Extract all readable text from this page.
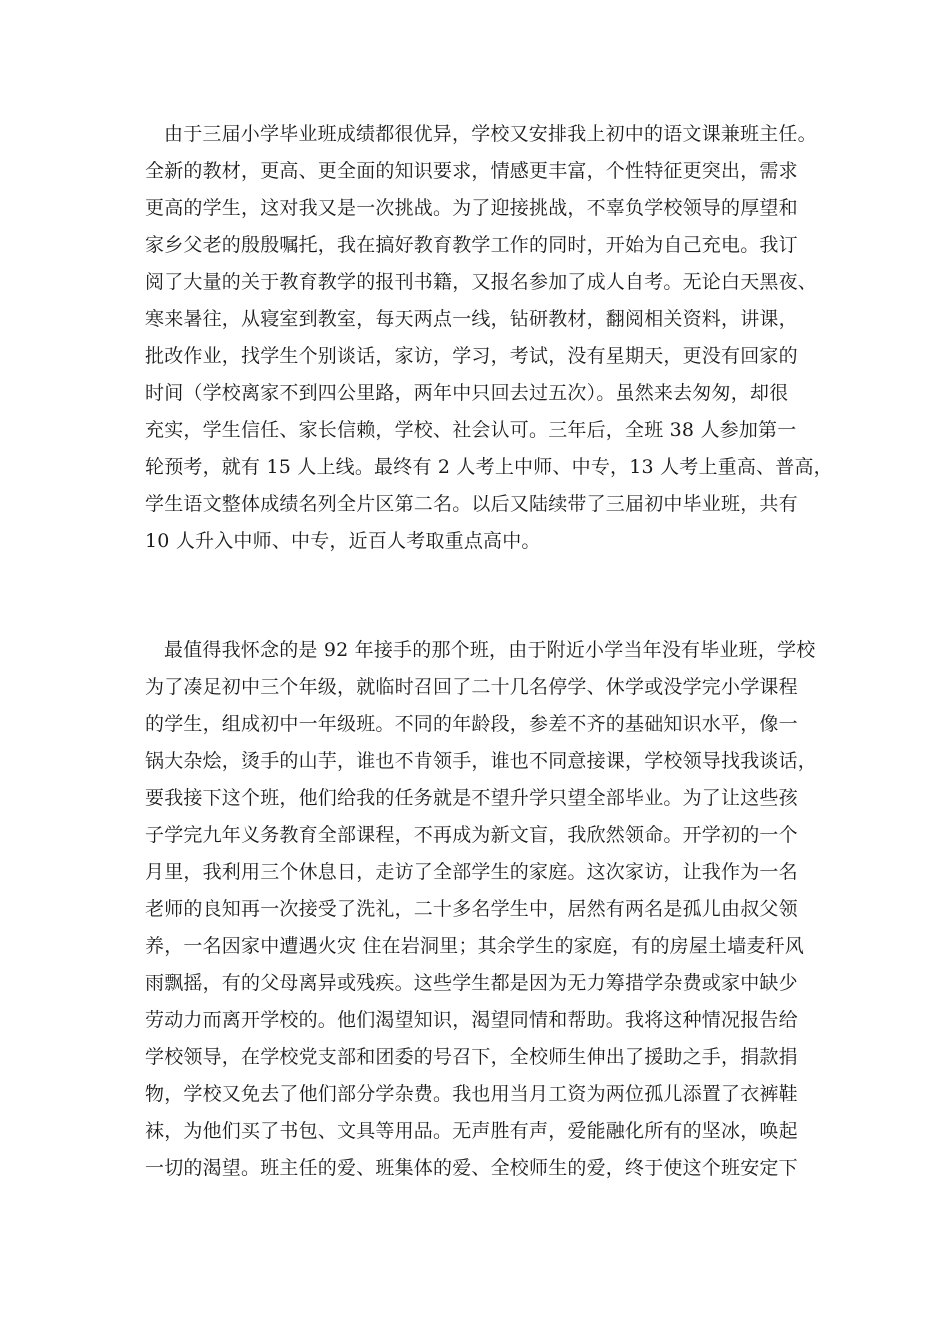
由于三届小学毕业班成绩都很优异，学校又安排我上初中的语文课兼班主任。
全新的教材，更高、更全面的知识要求，情感更丰富，个性特征更突出，需求
更高的学生，这对我又是一次挑战。为了迎接挑战，不辜负学校领导的厚望和
家乡父老的殷殷嘱托，我在搞好教育教学工作的同时，开始为自己充电。我订
阅了大量的关于教育教学的报刊书籍，又报名参加了成人自考。无论白天黑夜、
寒来暑往，从寝室到教室，每天两点一线，钻研教材，翻阅相关资料，讲课，
批改作业，找学生个别谈话，家访，学习，考试，没有星期天，更没有回家的
时间（学校离家不到四公里路，两年中只回去过五次）。虽然来去匆匆，却很
充实，学生信任、家长信赖，学校、社会认可。三年后，全班 38 人参加第一
轮预考，就有 15 人上线。最终有 2 人考上中师、中专，13 人考上重高、普高，
学生语文整体成绩名列全片区第二名。以后又陆续带了三届初中毕业班，共有
10 人升入中师、中专，近百人考取重点高中。
最值得我怀念的是 92 年接手的那个班，由于附近小学当年没有毕业班，学校
为了凑足初中三个年级，就临时召回了二十几名停学、休学或没学完小学课程
的学生，组成初中一年级班。不同的年龄段，参差不齐的基础知识水平，像一
锅大杂烩，烫手的山芋，谁也不肯领手，谁也不同意接课，学校领导找我谈话，
要我接下这个班，他们给我的任务就是不望升学只望全部毕业。为了让这些孩
子学完九年义务教育全部课程，不再成为新文盲，我欣然领命。开学初的一个
月里，我利用三个休息日，走访了全部学生的家庭。这次家访，让我作为一名
老师的良知再一次接受了洗礼，二十多名学生中，居然有两名是孤儿由叔父领
养，一名因家中遭遇火灾 住在岩洞里；其余学生的家庭，有的房屋土墙麦秆风
雨飘摇，有的父母离异或残疾。这些学生都是因为无力筹措学杂费或家中缺少
劳动力而离开学校的。他们渴望知识，渴望同情和帮助。我将这种情况报告给
学校领导，在学校党支部和团委的号召下，全校师生伸出了援助之手，捐款捐
物，学校又免去了他们部分学杂费。我也用当月工资为两位孤儿添置了衣裤鞋
袜，为他们买了书包、文具等用品。无声胜有声，爱能融化所有的坚冰，唤起
一切的渴望。班主任的爱、班集体的爱、全校师生的爱，终于使这个班安定下
